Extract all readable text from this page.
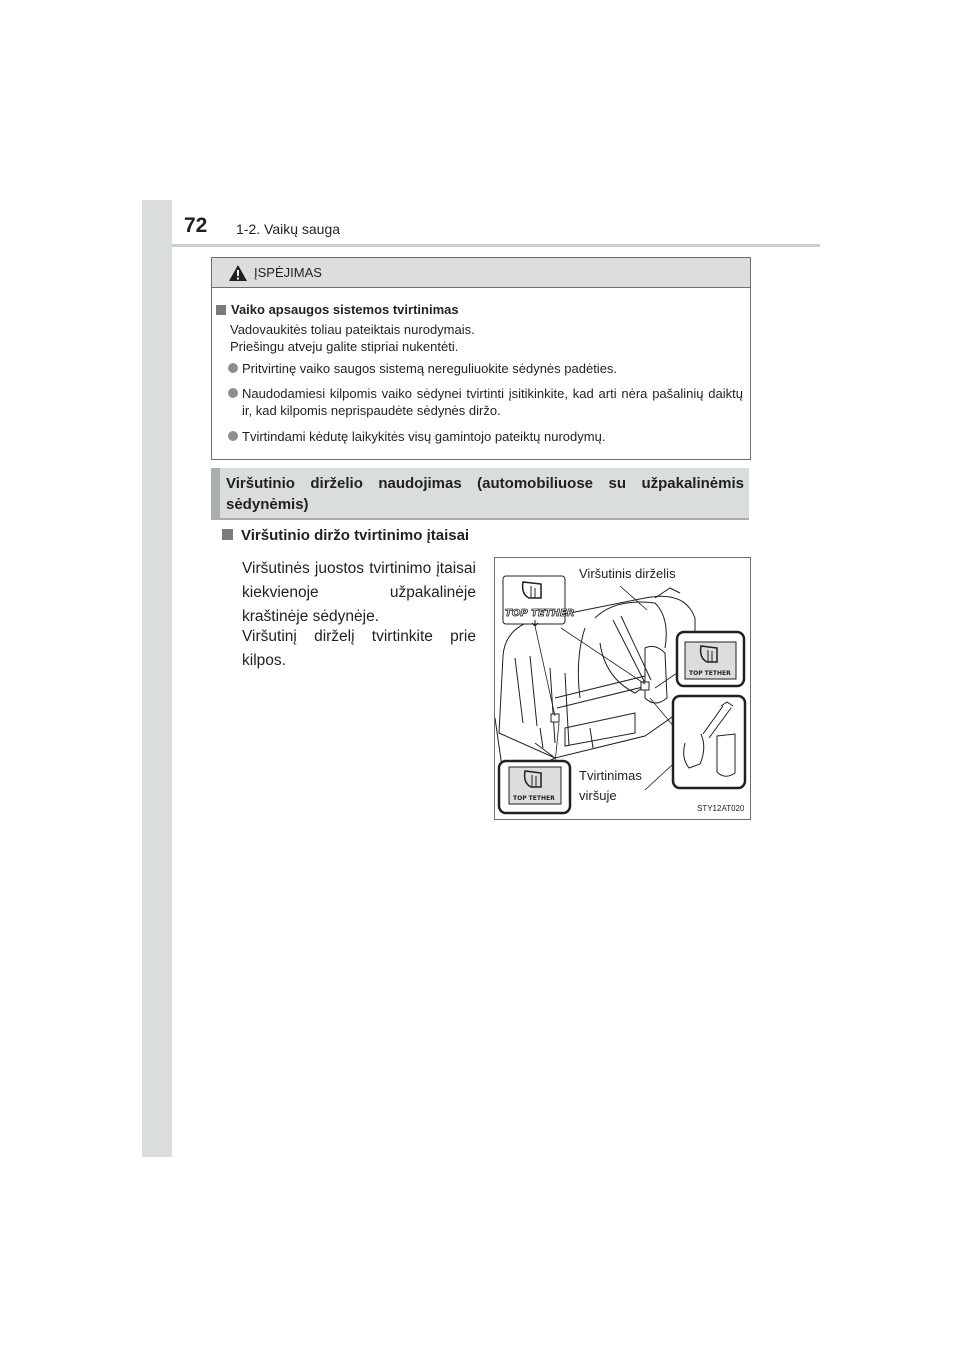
72 1-2. Vaikų sauga
ĮSPĖJIMAS
Vaiko apsaugos sistemos tvirtinimas
Vadovaukitės toliau pateiktais nurodymais.
Priešingu atveju galite stipriai nukentėti.
Pritvirtinę vaiko saugos sistemą nereguliuokite sėdynės padėties.
Naudodamiesi kilpomis vaiko sėdynei tvirtinti įsitikinkite, kad arti nėra pašalinių daiktų ir, kad kilpomis neprispaudėte sėdynės diržo.
Tvirtindami kėdutę laikykitės visų gamintojo pateiktų nurodymų.
Viršutinio dirželio naudojimas (automobiliuose su užpakalinėmis sėdynėmis)
Viršutinio diržo tvirtinimo įtaisai
Viršutinės juostos tvirtinimo įtaisai kiekvienoje užpakalinėje kraštinėje sėdynėje.
Viršutinį dirželį tvirtinkite prie kilpos.
TOP TETHER
TOP TETHER
TOP TETHER
Viršutinis dirželis
Tvirtinimas
viršuje
STY12AT020
